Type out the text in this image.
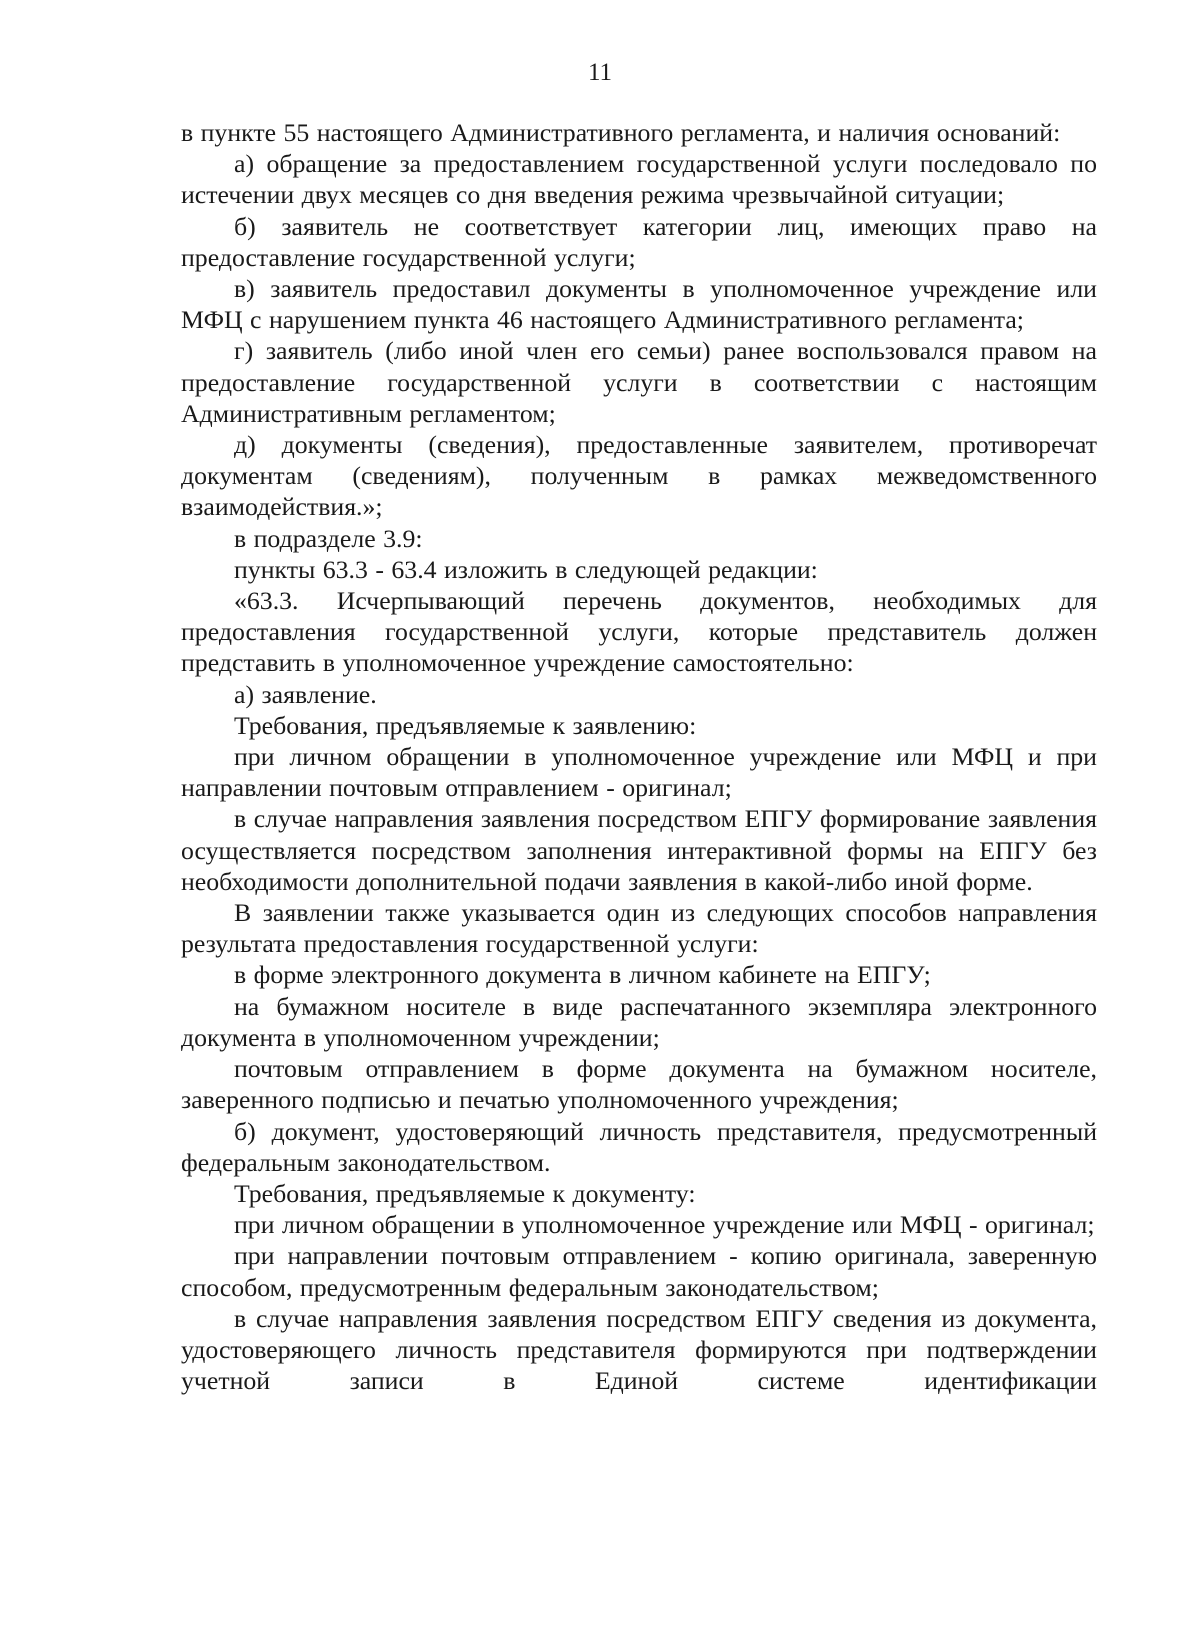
11

в пункте 55 настоящего Административного регламента, и наличия оснований:

а) обращение за предоставлением государственной услуги последовало по истечении двух месяцев со дня введения режима чрезвычайной ситуации;

б) заявитель не соответствует категории лиц, имеющих право на предоставление государственной услуги;

в) заявитель предоставил документы в уполномоченное учреждение или МФЦ с нарушением пункта 46 настоящего Административного регламента;

г) заявитель (либо иной член его семьи) ранее воспользовался правом на предоставление государственной услуги в соответствии с настоящим Административным регламентом;

д) документы (сведения), предоставленные заявителем, противоречат документам (сведениям), полученным в рамках межведомственного взаимодействия.»;

в подразделе 3.9:

пункты 63.3 - 63.4 изложить в следующей редакции:

«63.3. Исчерпывающий перечень документов, необходимых для предоставления государственной услуги, которые представитель должен представить в уполномоченное учреждение самостоятельно:

а) заявление.

Требования, предъявляемые к заявлению:

при личном обращении в уполномоченное учреждение или МФЦ и при направлении почтовым отправлением - оригинал;

в случае направления заявления посредством ЕПГУ формирование заявления осуществляется посредством заполнения интерактивной формы на ЕПГУ без необходимости дополнительной подачи заявления в какой-либо иной форме.

В заявлении также указывается один из следующих способов направления результата предоставления государственной услуги:

в форме электронного документа в личном кабинете на ЕПГУ;

на бумажном носителе в виде распечатанного экземпляра электронного документа в уполномоченном учреждении;

почтовым отправлением в форме документа на бумажном носителе, заверенного подписью и печатью уполномоченного учреждения;

б) документ, удостоверяющий личность представителя, предусмотренный федеральным законодательством.

Требования, предъявляемые к документу:

при личном обращении в уполномоченное учреждение или МФЦ - оригинал;

при направлении почтовым отправлением - копию оригинала, заверенную способом, предусмотренным федеральным законодательством;

в случае направления заявления посредством ЕПГУ сведения из документа, удостоверяющего личность представителя формируются при подтверждении учетной записи в Единой системе идентификации
